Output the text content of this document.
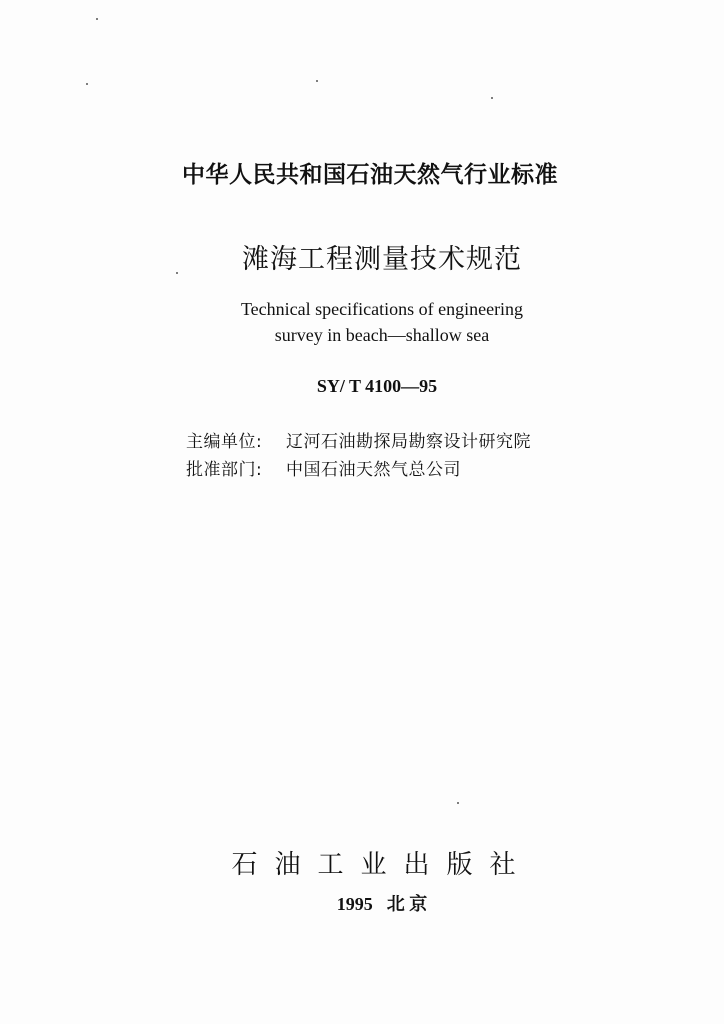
中华人民共和国石油天然气行业标准
滩海工程测量技术规范
Technical specifications of engineering
survey in beach—shallow sea
SY/ T 4100—95
主编单位: 辽河石油勘探局勘察设计研究院
批准部门: 中国石油天然气总公司
石油工业出版社
1995 北 京
